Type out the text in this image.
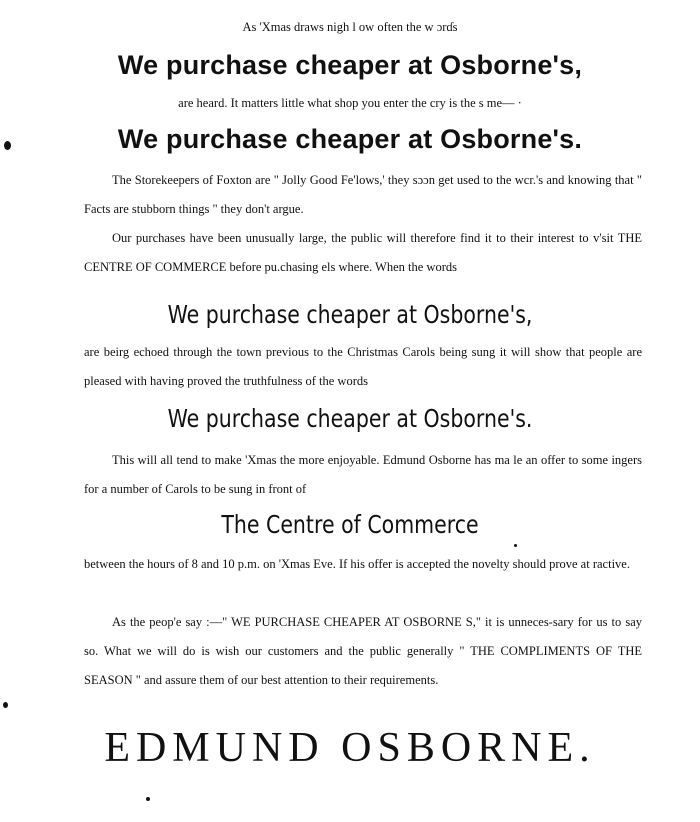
As 'Xmas draws nigh l ow often the w ɔrɗs

We purchase cheaper at Osborne's,

are heard. It matters little what shop you enter the cry is the s me— ·

We purchase cheaper at Osborne's.

The Storekeepers of Foxton are " Jolly Good Fe'lows,' they sɔɔn get used to the wcr.'s and knowing that " Facts are stubborn things " they don't argue.

Our purchases have been unusually large, the public will therefore find it to their interest to v'sit THE CENTRE OF COMMERCE before pu.chasing els where. When the words

We purchase cheaper at Osborne's,

are beirg echoed through the town previous to the Christmas Carols being sung it will show that people are pleased with having proved the truthfulness of the words

We purchase cheaper at Osborne's.

This will all tend to make 'Xmas the more enjoyable. Edmund Osborne has ma le an offer to some ingers for a number of Carols to be sung in front of

The Centre of Commerce

between the hours of 8 and 10 p.m. on 'Xmas Eve. If his offer is accepted the novelty should prove at ractive.

As the peop'e say :—" WE PURCHASE CHEAPER AT OSBORNE S," it is unneces-sary for us to say so. What we will do is wish our customers and the public generally " THE COMPLIMENTS OF THE SEASON " and assure them of our best attention to their requirements.

EDMUND OSBORNE.
